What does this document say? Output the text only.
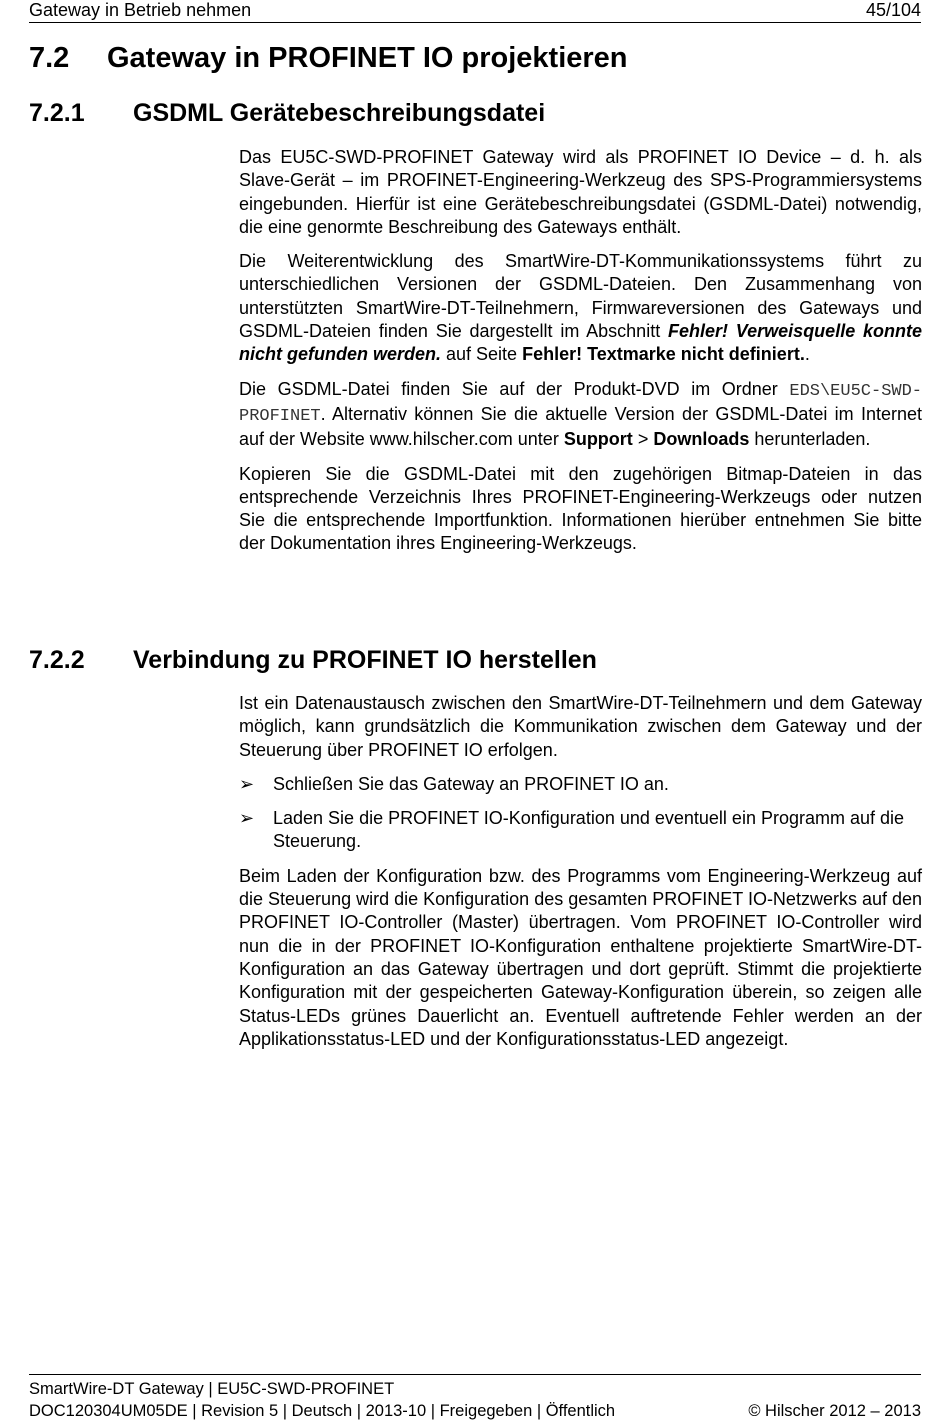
Gateway in Betrieb nehmen	45/104
7.2 Gateway in PROFINET IO projektieren
7.2.1 GSDML Gerätebeschreibungsdatei

Das EU5C-SWD-PROFINET Gateway wird als PROFINET IO Device – d. h. als Slave-Gerät – im PROFINET-Engineering-Werkzeug des SPS-Programmiersystems eingebunden. Hierfür ist eine Gerätebeschreibungsdatei (GSDML-Datei) notwendig, die eine genormte Beschreibung des Gateways enthält.

Die Weiterentwicklung des SmartWire-DT-Kommunikationssystems führt zu unterschiedlichen Versionen der GSDML-Dateien. Den Zusammenhang von unterstützten SmartWire-DT-Teilnehmern, Firmwareversionen des Gateways und GSDML-Dateien finden Sie dargestellt im Abschnitt Fehler! Verweisquelle konnte nicht gefunden werden. auf Seite Fehler! Textmarke nicht definiert..

Die GSDML-Datei finden Sie auf der Produkt-DVD im Ordner EDS\EU5C-SWD-PROFINET. Alternativ können Sie die aktuelle Version der GSDML-Datei im Internet auf der Website www.hilscher.com unter Support > Downloads herunterladen.

Kopieren Sie die GSDML-Datei mit den zugehörigen Bitmap-Dateien in das entsprechende Verzeichnis Ihres PROFINET-Engineering-Werkzeugs oder nutzen Sie die entsprechende Importfunktion. Informationen hierüber entnehmen Sie bitte der Dokumentation ihres Engineering-Werkzeugs.

7.2.2 Verbindung zu PROFINET IO herstellen

Ist ein Datenaustausch zwischen den SmartWire-DT-Teilnehmern und dem Gateway möglich, kann grundsätzlich die Kommunikation zwischen dem Gateway und der Steuerung über PROFINET IO erfolgen.

➢ Schließen Sie das Gateway an PROFINET IO an.
➢ Laden Sie die PROFINET IO-Konfiguration und eventuell ein Programm auf die Steuerung.

Beim Laden der Konfiguration bzw. des Programms vom Engineering-Werkzeug auf die Steuerung wird die Konfiguration des gesamten PROFINET IO-Netzwerks auf den PROFINET IO-Controller (Master) übertragen. Vom PROFINET IO-Controller wird nun die in der PROFINET IO-Konfiguration enthaltene projektierte SmartWire-DT-Konfiguration an das Gateway übertragen und dort geprüft. Stimmt die projektierte Konfiguration mit der gespeicherten Gateway-Konfiguration überein, so zeigen alle Status-LEDs grünes Dauerlicht an. Eventuell auftretende Fehler werden an der Applikationsstatus-LED und der Konfigurationsstatus-LED angezeigt.

SmartWire-DT Gateway | EU5C-SWD-PROFINET
DOC120304UM05DE | Revision 5 | Deutsch | 2013-10 | Freigegeben | Öffentlich	© Hilscher 2012 – 2013
